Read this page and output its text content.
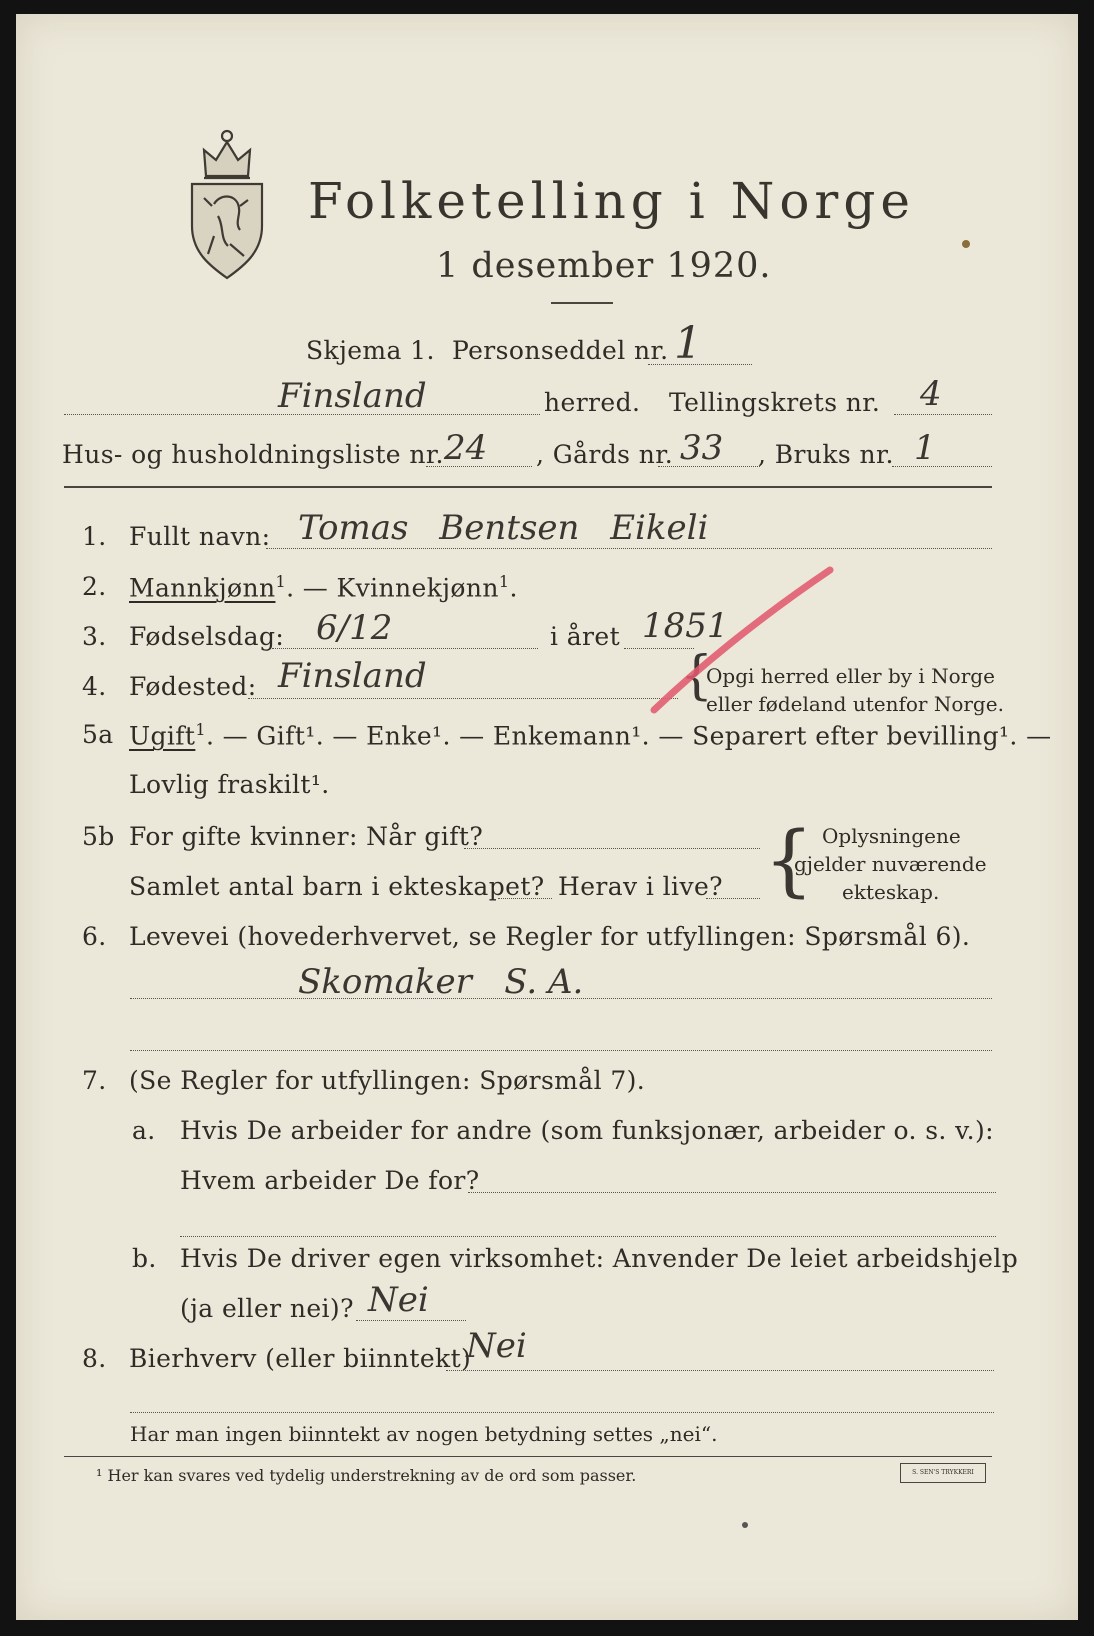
Folketelling i Norge
1 desember 1920.
Skjema 1. Personseddel nr. 1
Finsland	herred. Tellingskrets nr. 4
Hus- og husholdningsliste nr. 24 , Gårds nr. 33 , Bruks nr. 1
1. Fullt navn: Tomas Bentsen Eikeli
2. Mannkjønn$^1$. — Kvinnekjønn$^1$.
3. Fødselsdag: 6/12	i året 1851
4. Fødested: Finsland	{
Opgi herred eller by i Norge
eller fødeland utenfor Norge.
5a Ugift$^1$. — Gift¹. — Enke¹. — Enkemann¹. — Separert efter bevilling¹. —
Lovlig fraskilt¹.
5b For gifte kvinner: Når gift?
Samlet antal barn i ekteskapet? Herav i live? { Oplysningene
gjelder nuværende
ekteskap.
6. Levevei (hovederhvervet, se Regler for utfyllingen: Spørsmål 6).
Skomaker   S. A.
7. (Se Regler for utfyllingen: Spørsmål 7).
a. Hvis De arbeider for andre (som funksjonær, arbeider o. s. v.):
Hvem arbeider De for?
b. Hvis De driver egen virksomhet: Anvender De leiet arbeidshjelp
(ja eller nei)? Nei
8. Bierhverv (eller biinntekt)
Nei
Har man ingen biinntekt av nogen betydning settes „nei“.
¹ Her kan svares ved tydelig understrekning av de ord som passer.	S. SEN'S TRYKKERI
